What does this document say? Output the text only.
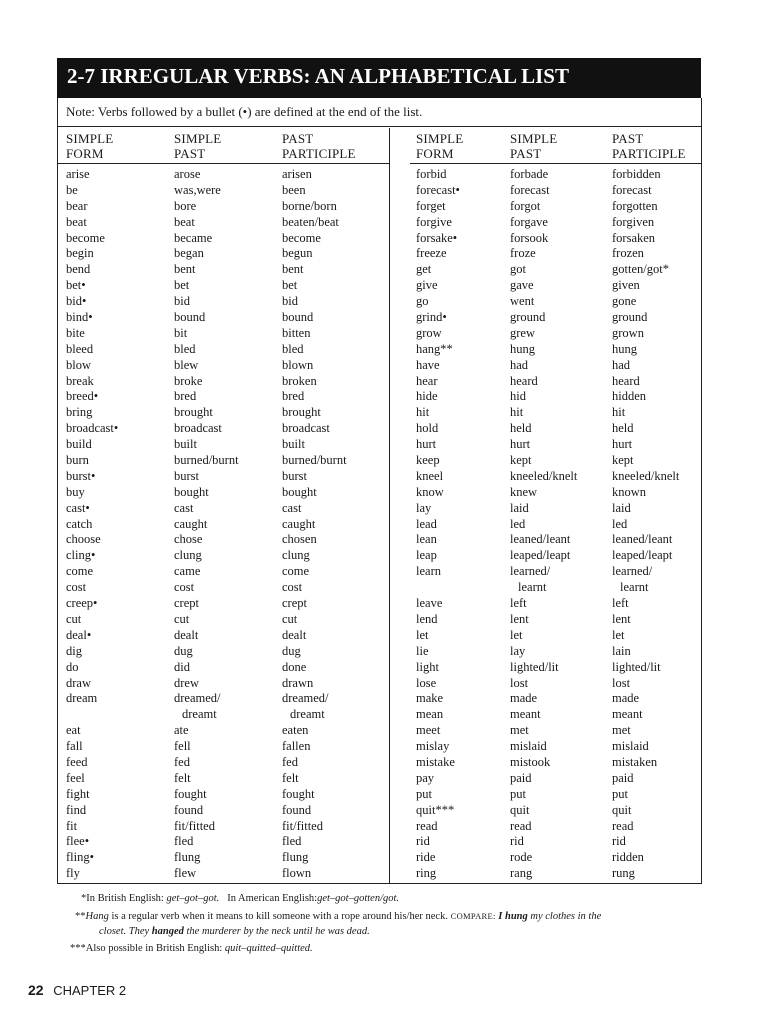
2-7 IRREGULAR VERBS: AN ALPHABETICAL LIST
Note: Verbs followed by a bullet (•) are defined at the end of the list.
SIMPLE
FORM
SIMPLE
PAST
PAST
PARTICIPLE
SIMPLE
FORM
SIMPLE
PAST
PAST
PARTICIPLE
arise
be
bear
beat
become
begin
bend
bet•
bid•
bind•
bite
bleed
blow
break
breed•
bring
broadcast•
build
burn
burst•
buy
cast•
catch
choose
cling•
come
cost
creep•
cut
deal•
dig
do
draw
dream
eat
fall
feed
feel
fight
find
fit
flee•
fling•
fly
arose
was,were
bore
beat
became
began
bent
bet
bid
bound
bit
bled
blew
broke
bred
brought
broadcast
built
burned/burnt
burst
bought
cast
caught
chose
clung
came
cost
crept
cut
dealt
dug
did
drew
dreamed/
dreamt
ate
fell
fed
felt
fought
found
fit/fitted
fled
flung
flew
arisen
been
borne/born
beaten/beat
become
begun
bent
bet
bid
bound
bitten
bled
blown
broken
bred
brought
broadcast
built
burned/burnt
burst
bought
cast
caught
chosen
clung
come
cost
crept
cut
dealt
dug
done
drawn
dreamed/
dreamt
eaten
fallen
fed
felt
fought
found
fit/fitted
fled
flung
flown
forbid
forecast•
forget
forgive
forsake•
freeze
get
give
go
grind•
grow
hang**
have
hear
hide
hit
hold
hurt
keep
kneel
know
lay
lead
lean
leap
learn
leave
lend
let
lie
light
lose
make
mean
meet
mislay
mistake
pay
put
quit***
read
rid
ride
ring
forbade
forecast
forgot
forgave
forsook
froze
got
gave
went
ground
grew
hung
had
heard
hid
hit
held
hurt
kept
kneeled/knelt
knew
laid
led
leaned/leant
leaped/leapt
learned/
learnt
left
lent
let
lay
lighted/lit
lost
made
meant
met
mislaid
mistook
paid
put
quit
read
rid
rode
rang
forbidden
forecast
forgotten
forgiven
forsaken
frozen
gotten/got*
given
gone
ground
grown
hung
had
heard
hidden
hit
held
hurt
kept
kneeled/knelt
known
laid
led
leaned/leant
leaped/leapt
learned/
learnt
left
lent
let
lain
lighted/lit
lost
made
meant
met
mislaid
mistaken
paid
put
quit
read
rid
ridden
rung
*In British English: get–got–got. In American English:get–got–gotten/got.
**Hang is a regular verb when it means to kill someone with a rope around his/her neck. COMPARE: I hung my clothes in the
closet. They hanged the murderer by the neck until he was dead.
***Also possible in British English: quit–quitted–quitted.
22 CHAPTER 2
